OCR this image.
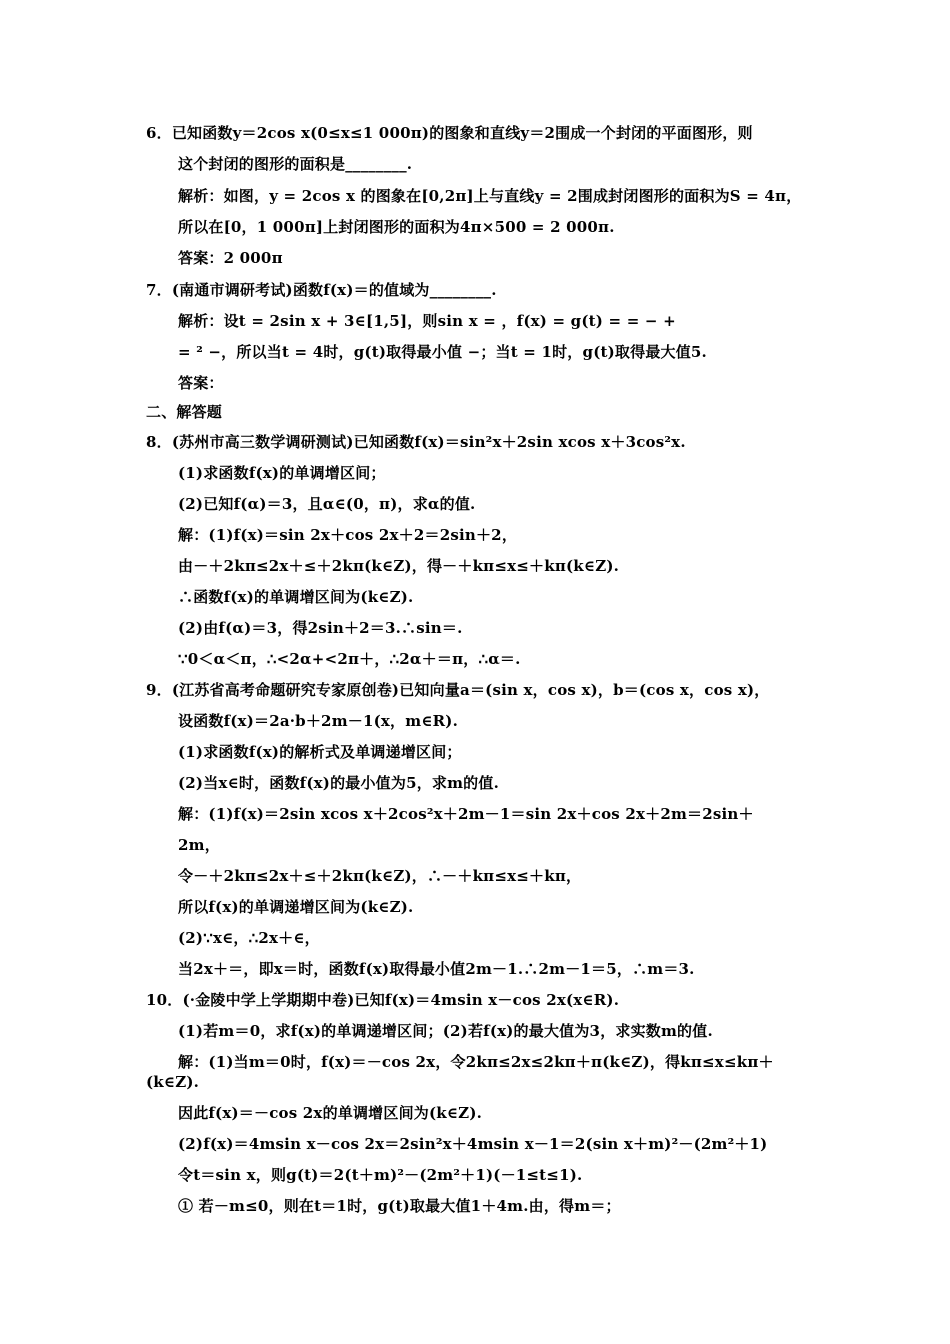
6．已知函数y＝2cos x(0≤x≤1 000π)的图象和直线y＝2围成一个封闭的平面图形，则
这个封闭的图形的面积是________.
解析：如图，y = 2cos x 的图象在[0,2π]上与直线y = 2围成封闭图形的面积为S = 4π，
所以在[0，1 000π]上封闭图形的面积为4π×500 = 2 000π.
答案：2 000π
7．(南通市调研考试)函数f(x)＝的值域为________.
解析：设t = 2sin x + 3∈[1,5]，则sin x = ，f(x) = g(t) = = − +
= ² −，所以当t = 4时，g(t)取得最小值 −；当t = 1时，g(t)取得最大值5.
答案：
二、解答题
8．(苏州市高三数学调研测试)已知函数f(x)＝sin²x＋2sin xcos x＋3cos²x.
(1)求函数f(x)的单调增区间；
(2)已知f(α)＝3，且α∈(0，π)，求α的值.
解：(1)f(x)＝sin 2x＋cos 2x＋2＝2sin＋2，
由－＋2kπ≤2x＋≤＋2kπ(k∈Z)，得－＋kπ≤x≤＋kπ(k∈Z).
∴函数f(x)的单调增区间为(k∈Z).
(2)由f(α)＝3，得2sin＋2＝3.∴sin＝.
∵0＜α＜π，∴<2α+<2π＋，∴2α＋＝π，∴α＝.
9．(江苏省高考命题研究专家原创卷)已知向量a＝(sin x，cos x)，b＝(cos x，cos x)，
设函数f(x)＝2a·b＋2m－1(x，m∈R).
(1)求函数f(x)的解析式及单调递增区间；
(2)当x∈时，函数f(x)的最小值为5，求m的值.
解：(1)f(x)＝2sin xcos x＋2cos²x＋2m－1＝sin 2x＋cos 2x＋2m＝2sin＋
2m，
令－＋2kπ≤2x＋≤＋2kπ(k∈Z)，∴－＋kπ≤x≤＋kπ，
所以f(x)的单调递增区间为(k∈Z).
(2)∵x∈，∴2x＋∈，
当2x＋＝，即x＝时，函数f(x)取得最小值2m－1.∴2m－1＝5，∴m＝3.
10．(·金陵中学上学期期中卷)已知f(x)＝4msin x－cos 2x(x∈R).
(1)若m＝0，求f(x)的单调递增区间；(2)若f(x)的最大值为3，求实数m的值.
解：(1)当m＝0时，f(x)＝－cos 2x，令2kπ≤2x≤2kπ＋π(k∈Z)，得kπ≤x≤kπ＋
(k∈Z).
因此f(x)＝－cos 2x的单调增区间为(k∈Z).
(2)f(x)＝4msin x－cos 2x＝2sin²x＋4msin x－1＝2(sin x＋m)²－(2m²＋1)
令t＝sin x，则g(t)＝2(t＋m)²－(2m²＋1)(－1≤t≤1).
① 若－m≤0，则在t＝1时，g(t)取最大值1＋4m.由，得m＝；
